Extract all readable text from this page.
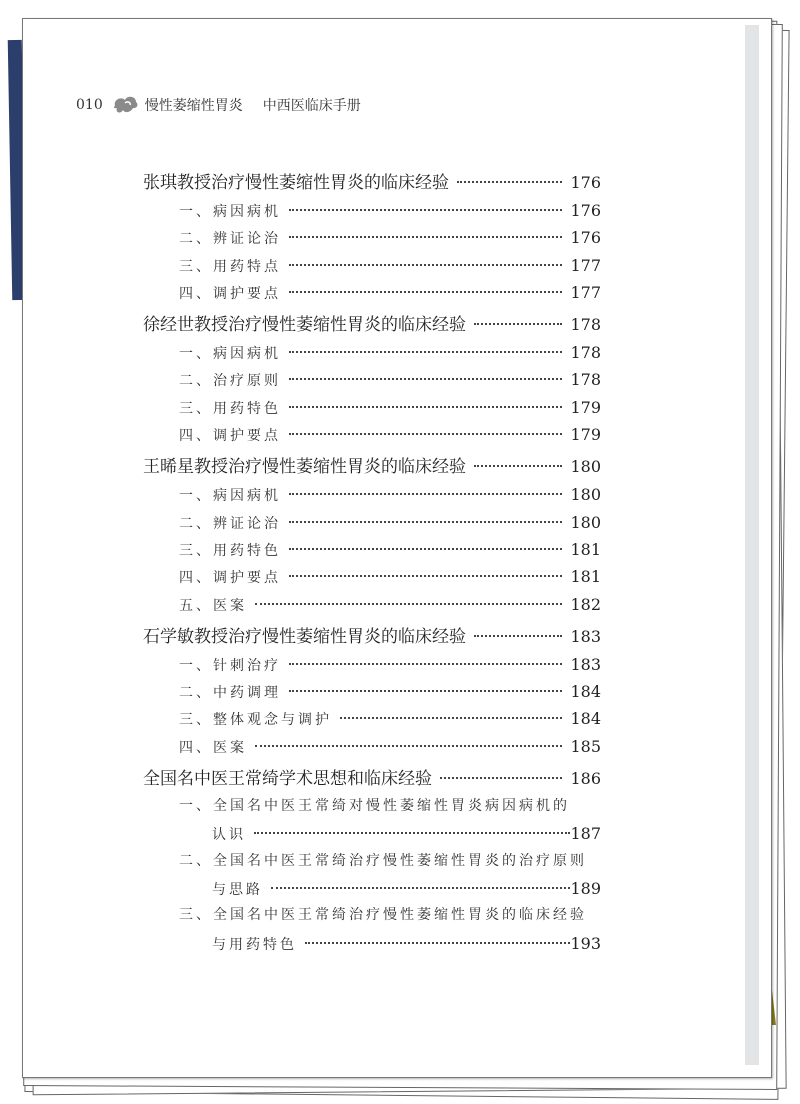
010	慢性萎缩性胃炎 中西医临床手册
张琪教授治疗慢性萎缩性胃炎的临床经验	176
一、病因病机	176
二、辨证论治	176
三、用药特点	177
四、调护要点	177
徐经世教授治疗慢性萎缩性胃炎的临床经验	178
一、病因病机	178
二、治疗原则	178
三、用药特色	179
四、调护要点	179
王晞星教授治疗慢性萎缩性胃炎的临床经验	180
一、病因病机	180
二、辨证论治	180
三、用药特色	181
四、调护要点	181
五、医案	182
石学敏教授治疗慢性萎缩性胃炎的临床经验	183
一、针刺治疗	183
二、中药调理	184
三、整体观念与调护	184
四、医案	185
全国名中医王常绮学术思想和临床经验	186
一、全国名中医王常绮对慢性萎缩性胃炎病因病机的
认识	187
二、全国名中医王常绮治疗慢性萎缩性胃炎的治疗原则
与思路	189
三、全国名中医王常绮治疗慢性萎缩性胃炎的临床经验
与用药特色	193
